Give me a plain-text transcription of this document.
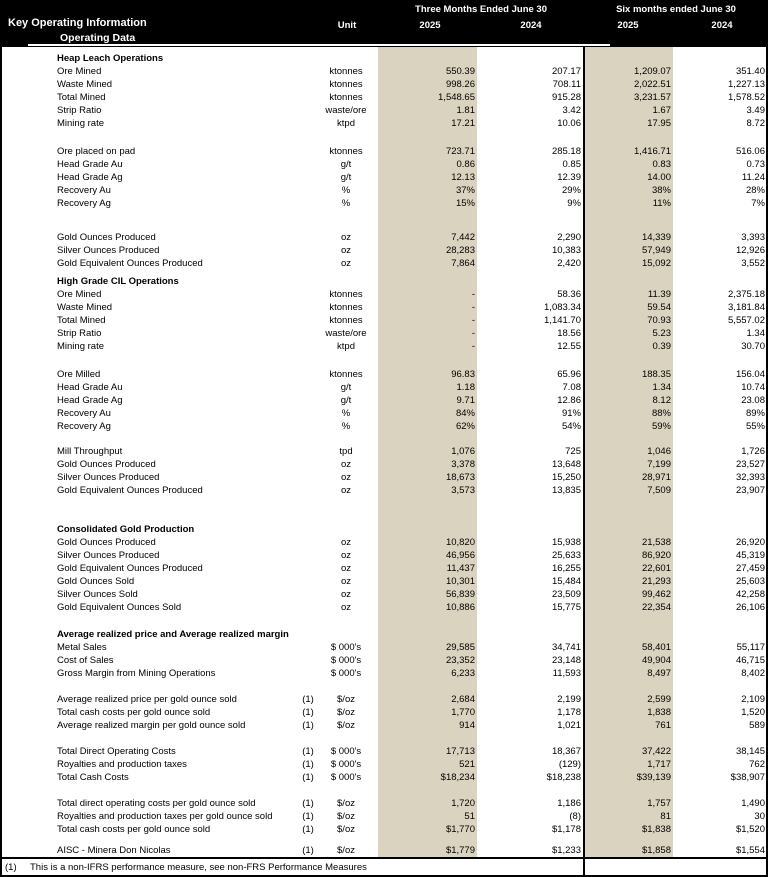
Three Months Ended June 30	Six months ended June 30
Key Operating Information	Unit	2025	2024	2025	2024
Operating Data
Heap Leach Operations
Ore Mined	ktonnes	550.39	207.17	1,209.07	351.40
Waste Mined	ktonnes	998.26	708.11	2,022.51	1,227.13
Total Mined	ktonnes	1,548.65	915.28	3,231.57	1,578.52
Strip Ratio	waste/ore	1.81	3.42	1.67	3.49
Mining rate	ktpd	17.21	10.06	17.95	8.72
Ore placed on pad	ktonnes	723.71	285.18	1,416.71	516.06
Head Grade Au	g/t	0.86	0.85	0.83	0.73
Head Grade Ag	g/t	12.13	12.39	14.00	11.24
Recovery Au	%	37%	29%	38%	28%
Recovery Ag	%	15%	9%	11%	7%
Gold Ounces Produced	oz	7,442	2,290	14,339	3,393
Silver Ounces Produced	oz	28,283	10,383	57,949	12,926
Gold Equivalent Ounces Produced	oz	7,864	2,420	15,092	3,552
High Grade CIL Operations
Ore Mined	ktonnes	-	58.36	11.39	2,375.18
Waste Mined	ktonnes	-	1,083.34	59.54	3,181.84
Total Mined	ktonnes	-	1,141.70	70.93	5,557.02
Strip Ratio	waste/ore	-	18.56	5.23	1.34
Mining rate	ktpd	-	12.55	0.39	30.70
Ore Milled	ktonnes	96.83	65.96	188.35	156.04
Head Grade Au	g/t	1.18	7.08	1.34	10.74
Head Grade Ag	g/t	9.71	12.86	8.12	23.08
Recovery Au	%	84%	91%	88%	89%
Recovery Ag	%	62%	54%	59%	55%
Mill Throughput	tpd	1,076	725	1,046	1,726
Gold Ounces Produced	oz	3,378	13,648	7,199	23,527
Silver Ounces Produced	oz	18,673	15,250	28,971	32,393
Gold Equivalent Ounces Produced	oz	3,573	13,835	7,509	23,907
Consolidated Gold Production
Gold Ounces Produced	oz	10,820	15,938	21,538	26,920
Silver Ounces Produced	oz	46,956	25,633	86,920	45,319
Gold Equivalent Ounces Produced	oz	11,437	16,255	22,601	27,459
Gold Ounces Sold	oz	10,301	15,484	21,293	25,603
Silver Ounces Sold	oz	56,839	23,509	99,462	42,258
Gold Equivalent Ounces Sold	oz	10,886	15,775	22,354	26,106
Average realized price and Average realized margin
Metal Sales	$ 000's	29,585	34,741	58,401	55,117
Cost of Sales	$ 000's	23,352	23,148	49,904	46,715
Gross Margin from Mining Operations	$ 000's	6,233	11,593	8,497	8,402
Average realized price per gold ounce sold	(1)	$/oz	2,684	2,199	2,599	2,109
Total cash costs per gold ounce sold	(1)	$/oz	1,770	1,178	1,838	1,520
Average realized margin per gold ounce sold	(1)	$/oz	914	1,021	761	589
Total Direct Operating Costs	(1)	$ 000's	17,713	18,367	37,422	38,145
Royalties and production taxes	(1)	$ 000's	521	(129)	1,717	762
Total Cash Costs	(1)	$ 000's	$18,234	$18,238	$39,139	$38,907
Total direct operating costs per gold ounce sold	(1)	$/oz	1,720	1,186	1,757	1,490
Royalties and production taxes per gold ounce sold	(1)	$/oz	51	(8)	81	30
Total cash costs per gold ounce sold	(1)	$/oz	$1,770	$1,178	$1,838	$1,520
AISC - Minera Don Nicolas	(1)	$/oz	$1,779	$1,233	$1,858	$1,554
(1) This is a non-IFRS performance measure, see non-FRS Performance Measures
